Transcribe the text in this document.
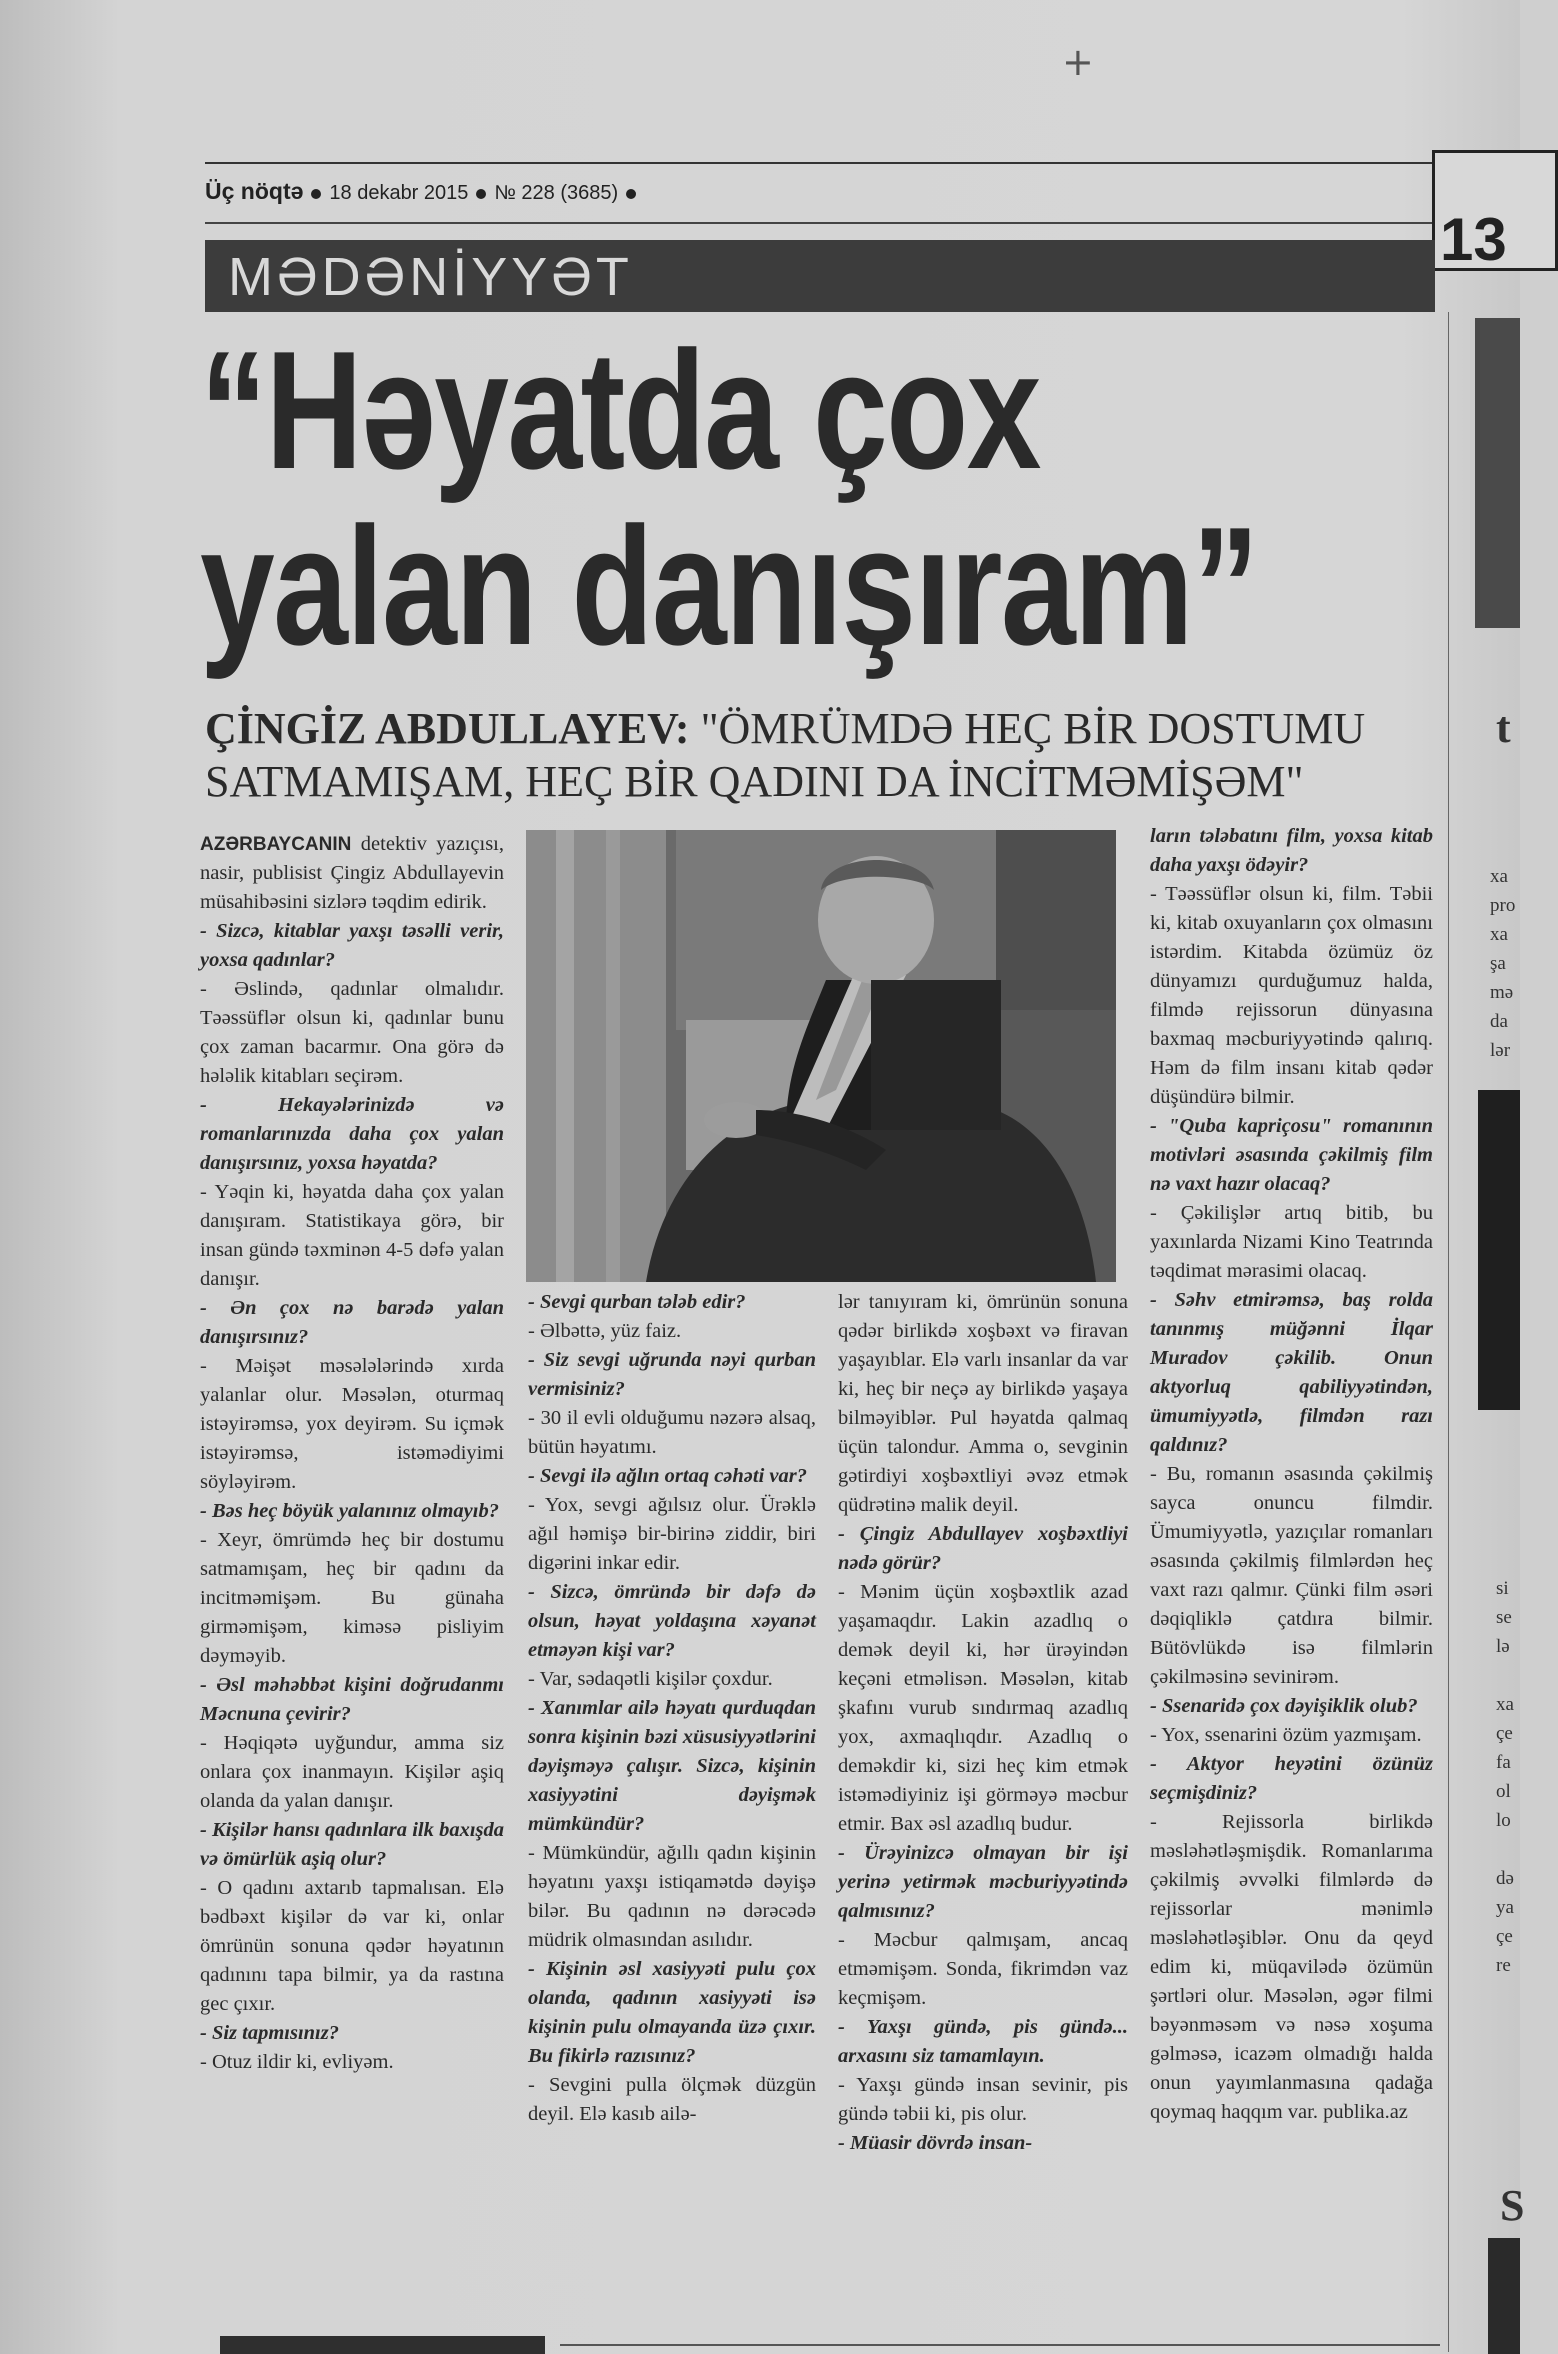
+
Üç nöqtə 18 dekabr 2015 № 228 (3685)
13
MƏDƏNİYYƏT
“Həyatda çox
yalan danışıram”
ÇİNGİZ ABDULLAYEV: "ÖMRÜMDƏ HEÇ BİR DOSTUMU SATMAMIŞAM, HEÇ BİR QADINI DA İNCİTMƏMİŞƏM"

AZƏRBAYCANIN detektiv yazıçısı, nasir, publisist Çingiz Abdullayevin müsahibəsini sizlərə təqdim edirik.

- Sizcə, kitablar yaxşı təsəlli verir, yoxsa qadınlar?

- Əslində, qadınlar olmalıdır. Təəssüflər olsun ki, qadınlar bunu çox zaman bacarmır. Ona görə də hələlik kitabları seçirəm.

- Hekayələrinizdə və romanlarınızda daha çox yalan danışırsınız, yoxsa həyatda?

- Yəqin ki, həyatda daha çox yalan danışıram. Statistikaya görə, bir insan gündə təxminən 4-5 dəfə yalan danışır.

- Ən çox nə barədə yalan danışırsınız?

- Məişət məsələlərində xırda yalanlar olur. Məsələn, oturmaq istəyirəmsə, yox deyirəm. Su içmək istəyirəmsə, istəmədiyimi söyləyirəm.

- Bəs heç böyük yalanınız olmayıb?

- Xeyr, ömrümdə heç bir dostumu satmamışam, heç bir qadını da incitməmişəm. Bu günaha girməmişəm, kiməsə pisliyim dəyməyib.

- Əsl məhəbbət kişini doğrudanmı Məcnuna çevirir?

- Həqiqətə uyğundur, amma siz onlara çox inanmayın. Kişilər aşiq olanda da yalan danışır.

- Kişilər hansı qadınlara ilk baxışda və ömürlük aşiq olur?

- O qadını axtarıb tapmalısan. Elə bədbəxt kişilər də var ki, onlar ömrünün sonuna qədər həyatının qadınını tapa bilmir, ya da rastına gec çıxır.

- Siz tapmısınız?

- Otuz ildir ki, evliyəm.

- Sevgi qurban tələb edir?

- Əlbəttə, yüz faiz.

- Siz sevgi uğrunda nəyi qurban vermisiniz?

- 30 il evli olduğumu nəzərə alsaq, bütün həyatımı.

- Sevgi ilə ağlın ortaq cəhəti var?

- Yox, sevgi ağılsız olur. Ürəklə ağıl həmişə bir-birinə ziddir, biri digərini inkar edir.

- Sizcə, ömründə bir dəfə də olsun, həyat yoldaşına xəyanət etməyən kişi var?

- Var, sədaqətli kişilər çoxdur.

- Xanımlar ailə həyatı qurduqdan sonra kişinin bəzi xüsusiyyətlərini dəyişməyə çalışır. Sizcə, kişinin xasiyyətini dəyişmək mümkündür?

- Mümkündür, ağıllı qadın kişinin həyatını yaxşı istiqamətdə dəyişə bilər. Bu qadının nə dərəcədə müdrik olmasından asılıdır.

- Kişinin əsl xasiyyəti pulu çox olanda, qadının xasiyyəti isə kişinin pulu olmayanda üzə çıxır. Bu fikirlə razısınız?

- Sevgini pulla ölçmək düzgün deyil. Elə kasıb ailə-

lər tanıyıram ki, ömrünün sonuna qədər birlikdə xoşbəxt və firavan yaşayıblar. Elə varlı insanlar da var ki, heç bir neçə ay birlikdə yaşaya bilməyiblər. Pul həyatda qalmaq üçün talondur. Amma o, sevginin gətirdiyi xoşbəxtliyi əvəz etmək qüdrətinə malik deyil.

- Çingiz Abdullayev xoşbəxtliyi nədə görür?

- Mənim üçün xoşbəxtlik azad yaşamaqdır. Lakin azadlıq o demək deyil ki, hər ürəyindən keçəni etməlisən. Məsələn, kitab şkafını vurub sındırmaq azadlıq yox, axmaqlıqdır. Azadlıq o deməkdir ki, sizi heç kim etmək istəmədiyiniz işi görməyə məcbur etmir. Bax əsl azadlıq budur.

- Ürəyinizcə olmayan bir işi yerinə yetirmək məcburiyyətində qalmısınız?

- Məcbur qalmışam, ancaq etməmişəm. Sonda, fikrimdən vaz keçmişəm.

- Yaxşı gündə, pis gündə... arxasını siz tamamlayın.

- Yaxşı gündə insan sevinir, pis gündə təbii ki, pis olur.

- Müasir dövrdə insan-

ların tələbatını film, yoxsa kitab daha yaxşı ödəyir?

- Təəssüflər olsun ki, film. Təbii ki, kitab oxuyanların çox olmasını istərdim. Kitabda özümüz öz dünyamızı qurduğumuz halda, filmdə rejissorun dünyasına baxmaq məcburiyyətində qalırıq. Həm də film insanı kitab qədər düşündürə bilmir.

- "Quba kapriçosu" romanının motivləri əsasında çəkilmiş film nə vaxt hazır olacaq?

- Çəkilişlər artıq bitib, bu yaxınlarda Nizami Kino Teatrında təqdimat mərasimi olacaq.

- Səhv etmirəmsə, baş rolda tanınmış müğənni İlqar Muradov çəkilib. Onun aktyorluq qabiliyyətindən, ümumiyyətlə, filmdən razı qaldınız?

- Bu, romanın əsasında çəkilmiş sayca onuncu filmdir. Ümumiyyətlə, yazıçılar romanları əsasında çəkilmiş filmlərdən heç vaxt razı qalmır. Çünki film əsəri dəqiqliklə çatdıra bilmir. Bütövlükdə isə filmlərin çəkilməsinə sevinirəm.

- Ssenaridə çox dəyişiklik olub?

- Yox, ssenarini özüm yazmışam.

- Aktyor heyətini özünüz seçmişdiniz?

- Rejissorla birlikdə məsləhətləşmişdik. Romanlarıma çəkilmiş əvvəlki filmlərdə də rejissorlar mənimlə məsləhətləşiblər. Onu da qeyd edim ki, müqavilədə özümün şərtləri olur. Məsələn, əgər filmi bəyənməsəm və nəsə xoşuma gəlməsə, icazəm olmadığı halda onun yayımlanmasına qadağa qoymaq haqqım var. publika.az

t
xa
pro
xa
şa
mə
da
lər
si
se
lə
xa
çe
fa
ol
lo
də
ya
çe
re
S
